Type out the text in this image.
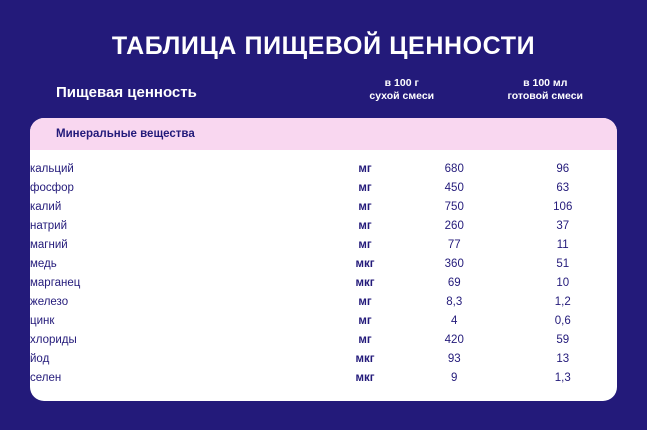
ТАБЛИЦА ПИЩЕВОЙ ЦЕННОСТИ
Пищевая ценность
в 100 г
сухой смеси
в 100 мл
готовой смеси
Минеральные вещества
кальций	мг	680	96
фосфор	мг	450	63
калий	мг	750	106
натрий	мг	260	37
магний	мг	77	11
медь	мкг	360	51
марганец	мкг	69	10
железо	мг	8,3	1,2
цинк	мг	4	0,6
хлориды	мг	420	59
йод	мкг	93	13
селен	мкг	9	1,3
